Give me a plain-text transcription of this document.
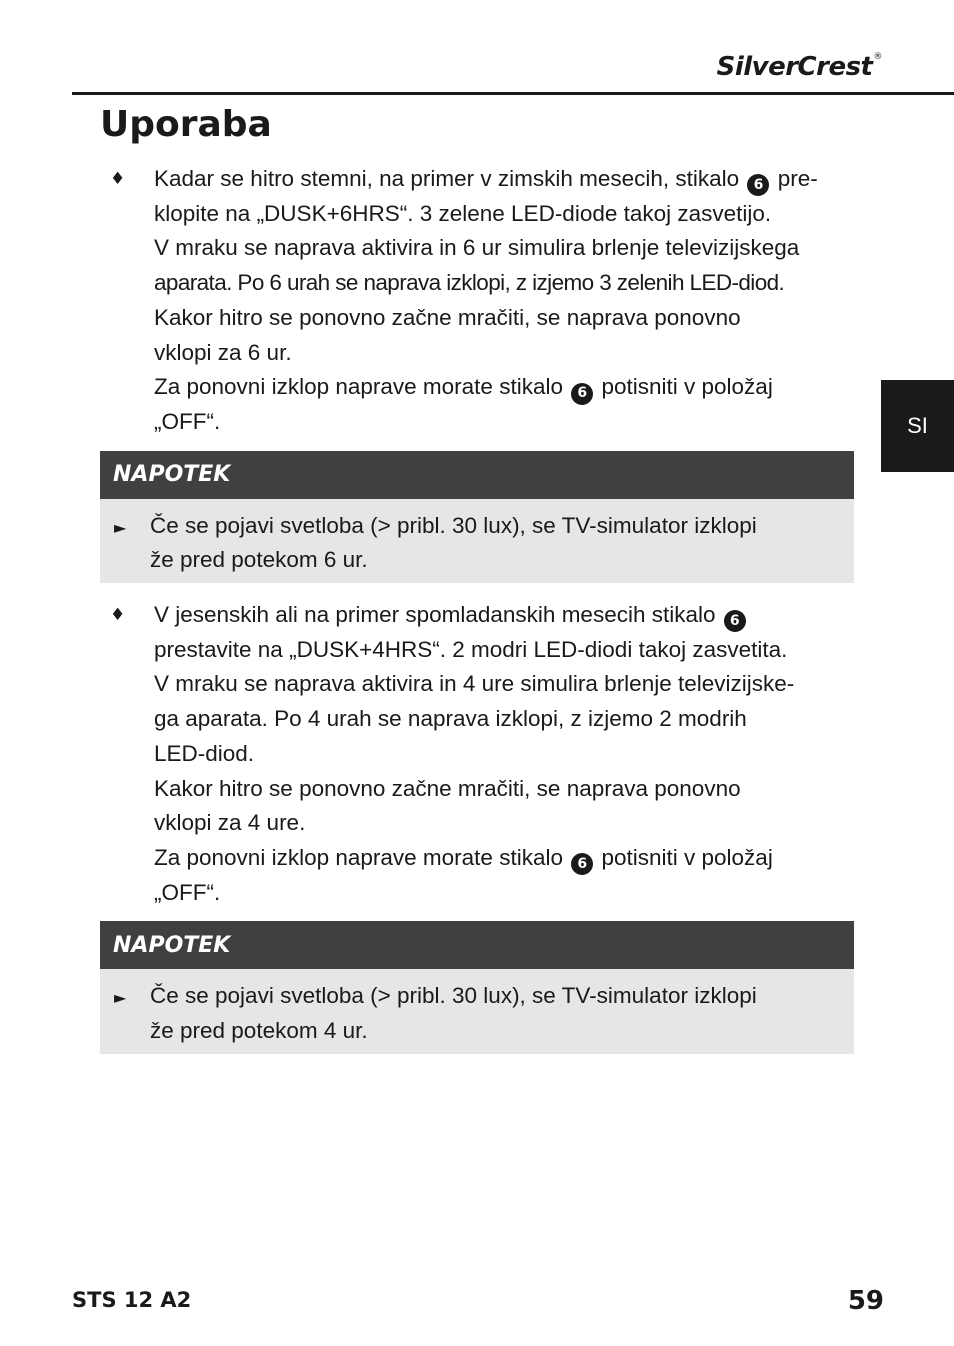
SilverCrest®
Uporaba
SI
♦ Kadar se hitro stemni, na primer v zimskih mesecih, stikalo 6 pre-
klopite na „DUSK+6HRS“. 3 zelene LED-diode takoj zasvetijo.
V mraku se naprava aktivira in 6 ur simulira brlenje televizijskega
aparata. Po 6 urah se naprava izklopi, z izjemo 3 zelenih LED-diod.
Kakor hitro se ponovno začne mračiti, se naprava ponovno
vklopi za 6 ur.
Za ponovni izklop naprave morate stikalo 6 potisniti v položaj
„OFF“.

NAPOTEK
► Če se pojavi svetloba (> pribl. 30 lux), se TV-simulator izklopi
že pred potekom 6 ur.

♦ V jesenskih ali na primer spomladanskih mesecih stikalo 6
prestavite na „DUSK+4HRS“. 2 modri LED-diodi takoj zasvetita.
V mraku se naprava aktivira in 4 ure simulira brlenje televizijske-
ga aparata. Po 4 urah se naprava izklopi, z izjemo 2 modrih
LED-diod.
Kakor hitro se ponovno začne mračiti, se naprava ponovno
vklopi za 4 ure.
Za ponovni izklop naprave morate stikalo 6 potisniti v položaj
„OFF“.

NAPOTEK
► Če se pojavi svetloba (> pribl. 30 lux), se TV-simulator izklopi
že pred potekom 4 ur.

STS 12 A2	59
